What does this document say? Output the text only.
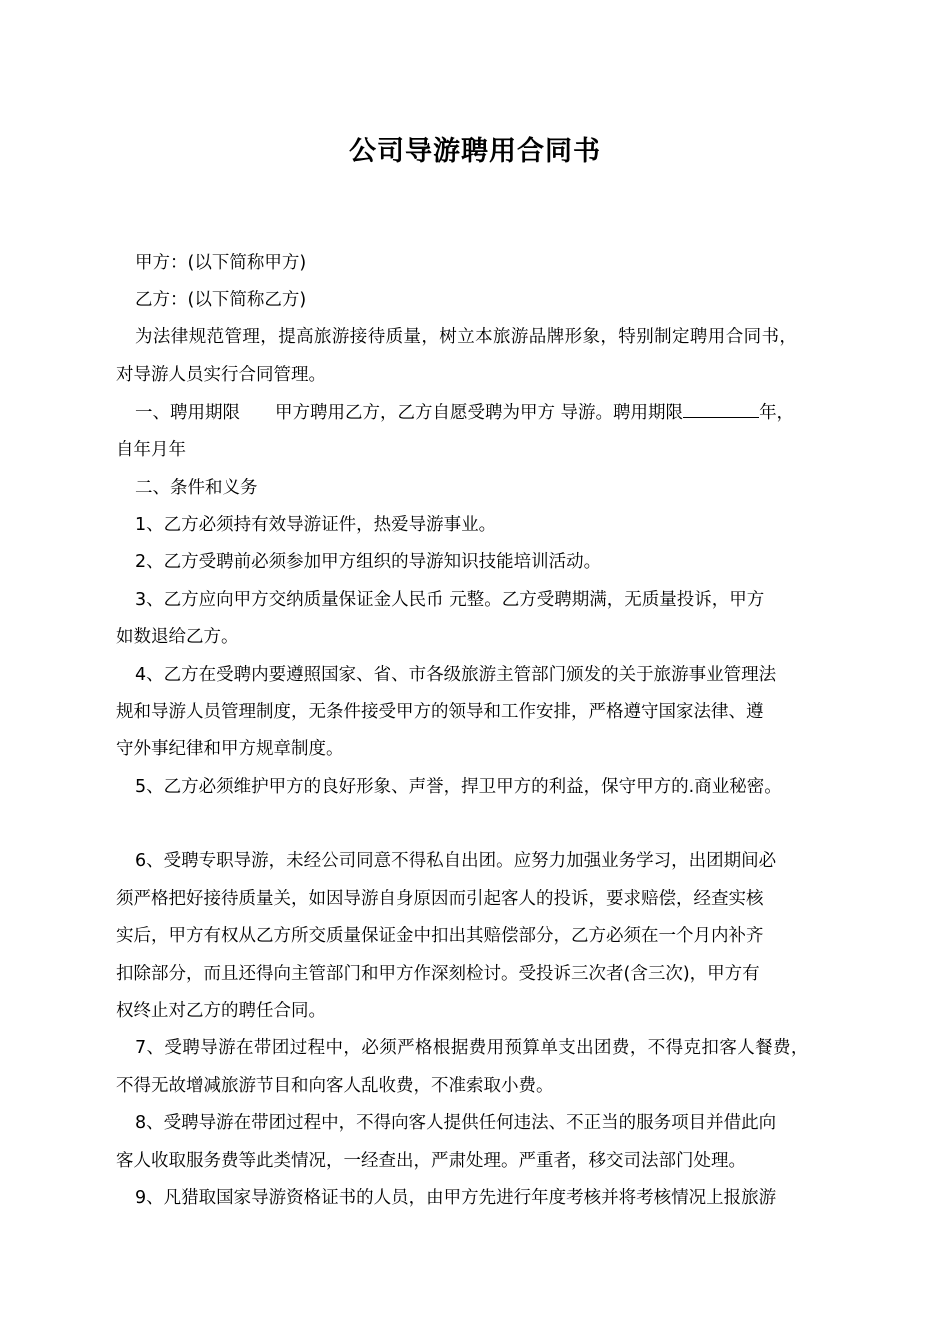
公司导游聘用合同书
甲方：(以下简称甲方)
乙方：(以下简称乙方)
为法律规范管理，提高旅游接待质量，树立本旅游品牌形象，特别制定聘用合同书，
对导游人员实行合同管理。
一、聘用期限　　甲方聘用乙方，乙方自愿受聘为甲方 导游。聘用期限	年，
自年月年
二、条件和义务
1、乙方必须持有效导游证件，热爱导游事业。
2、乙方受聘前必须参加甲方组织的导游知识技能培训活动。
3、乙方应向甲方交纳质量保证金人民币 元整。乙方受聘期满，无质量投诉，甲方
如数退给乙方。
4、乙方在受聘内要遵照国家、省、市各级旅游主管部门颁发的关于旅游事业管理法
规和导游人员管理制度，无条件接受甲方的领导和工作安排，严格遵守国家法律、遵
守外事纪律和甲方规章制度。
5、乙方必须维护甲方的良好形象、声誉，捍卫甲方的利益，保守甲方的.商业秘密。
6、受聘专职导游，未经公司同意不得私自出团。应努力加强业务学习，出团期间必
须严格把好接待质量关，如因导游自身原因而引起客人的投诉，要求赔偿，经查实核
实后，甲方有权从乙方所交质量保证金中扣出其赔偿部分，乙方必须在一个月内补齐
扣除部分，而且还得向主管部门和甲方作深刻检讨。受投诉三次者(含三次)，甲方有
权终止对乙方的聘任合同。
7、受聘导游在带团过程中，必须严格根据费用预算单支出团费，不得克扣客人餐费，
不得无故增减旅游节目和向客人乱收费，不准索取小费。
8、受聘导游在带团过程中，不得向客人提供任何违法、不正当的服务项目并借此向
客人收取服务费等此类情况，一经查出，严肃处理。严重者，移交司法部门处理。
9、凡猎取国家导游资格证书的人员，由甲方先进行年度考核并将考核情况上报旅游
